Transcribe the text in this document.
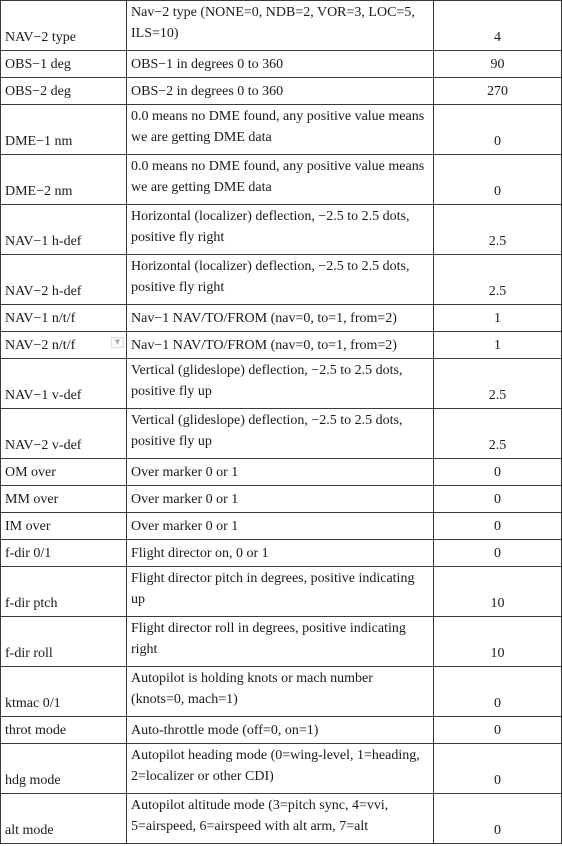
NAV−2 type	Nav−2 type (NONE=0, NDB=2, VOR=3, LOC=5, ILS=10)	4
OBS−1 deg	OBS−1 in degrees 0 to 360	90
OBS−2 deg	OBS−2 in degrees 0 to 360	270
DME−1 nm	0.0 means no DME found, any positive value means we are getting DME data	0
DME−2 nm	0.0 means no DME found, any positive value means we are getting DME data	0
NAV−1 h-def	Horizontal (localizer) deflection, −2.5 to 2.5 dots, positive fly right	2.5
NAV−2 h-def	Horizontal (localizer) deflection, −2.5 to 2.5 dots, positive fly right	2.5
NAV−1 n/t/f	Nav−1 NAV/TO/FROM (nav=0, to=1, from=2)	1
NAV−2 n/t/f	Nav−1 NAV/TO/FROM (nav=0, to=1, from=2)	1
NAV−1 v-def	Vertical (glideslope) deflection, −2.5 to 2.5 dots, positive fly up	2.5
NAV−2 v-def	Vertical (glideslope) deflection, −2.5 to 2.5 dots, positive fly up	2.5
OM over	Over marker 0 or 1	0
MM over	Over marker 0 or 1	0
IM over	Over marker 0 or 1	0
f-dir 0/1	Flight director on, 0 or 1	0
f-dir ptch	Flight director pitch in degrees, positive indicating up	10
f-dir roll	Flight director roll in degrees, positive indicating right	10
ktmac 0/1	Autopilot is holding knots or mach number (knots=0, mach=1)	0
throt mode	Auto-throttle mode (off=0, on=1)	0
hdg mode	Autopilot heading mode (0=wing-level, 1=heading, 2=localizer or other CDI)	0
alt mode	Autopilot altitude mode (3=pitch sync, 4=vvi, 5=airspeed, 6=airspeed with alt arm, 7=alt	0
▼
